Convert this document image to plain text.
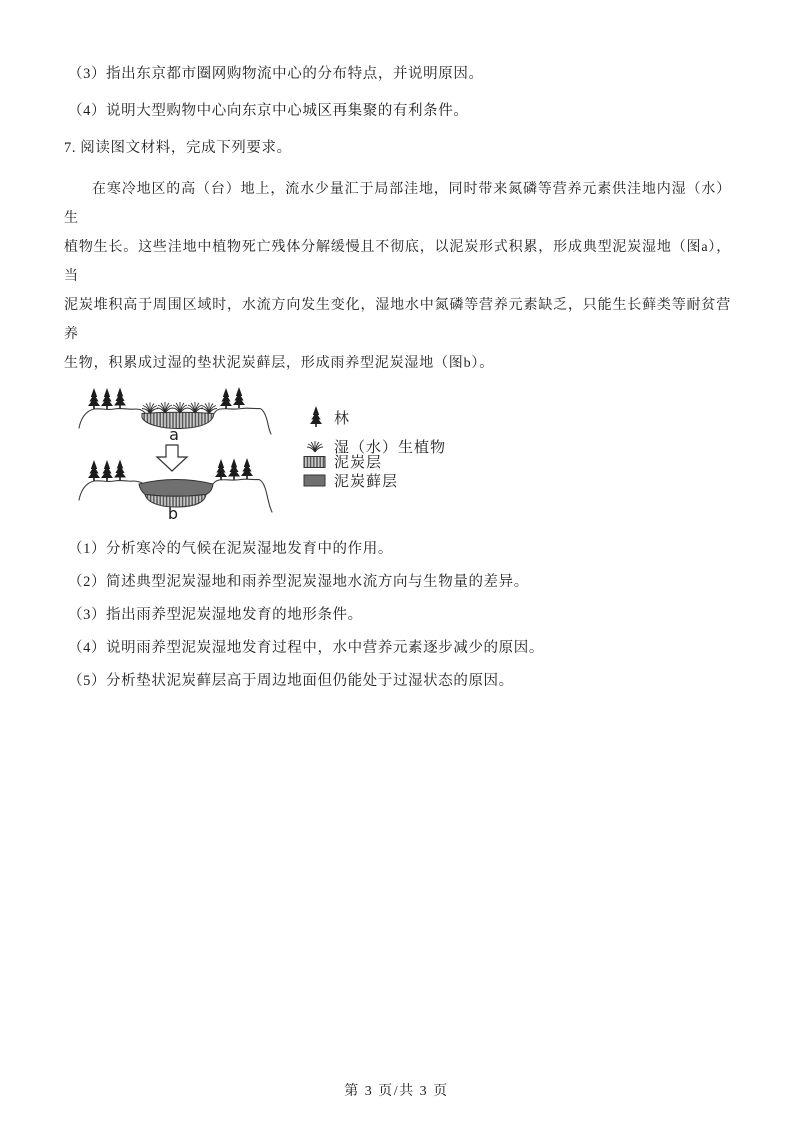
（3）指出东京都市圈网购物流中心的分布特点，并说明原因。
（4）说明大型购物中心向东京中心城区再集聚的有利条件。
7. 阅读图文材料，完成下列要求。
在寒冷地区的高（台）地上，流水少量汇于局部洼地，同时带来氮磷等营养元素供洼地内湿（水）生
植物生长。这些洼地中植物死亡残体分解缓慢且不彻底，以泥炭形式积累，形成典型泥炭湿地（图a），当
泥炭堆积高于周围区域时，水流方向发生变化，湿地水中氮磷等营养元素缺乏，只能生长藓类等耐贫营养
生物，积累成过湿的垫状泥炭藓层，形成雨养型泥炭湿地（图b）。
a
b
林
湿（水）生植物
泥炭层
泥炭藓层
（1）分析寒冷的气候在泥炭湿地发育中的作用。
（2）简述典型泥炭湿地和雨养型泥炭湿地水流方向与生物量的差异。
（3）指出雨养型泥炭湿地发育的地形条件。
（4）说明雨养型泥炭湿地发育过程中，水中营养元素逐步减少的原因。
（5）分析垫状泥炭藓层高于周边地面但仍能处于过湿状态的原因。
第 3 页/共 3 页
